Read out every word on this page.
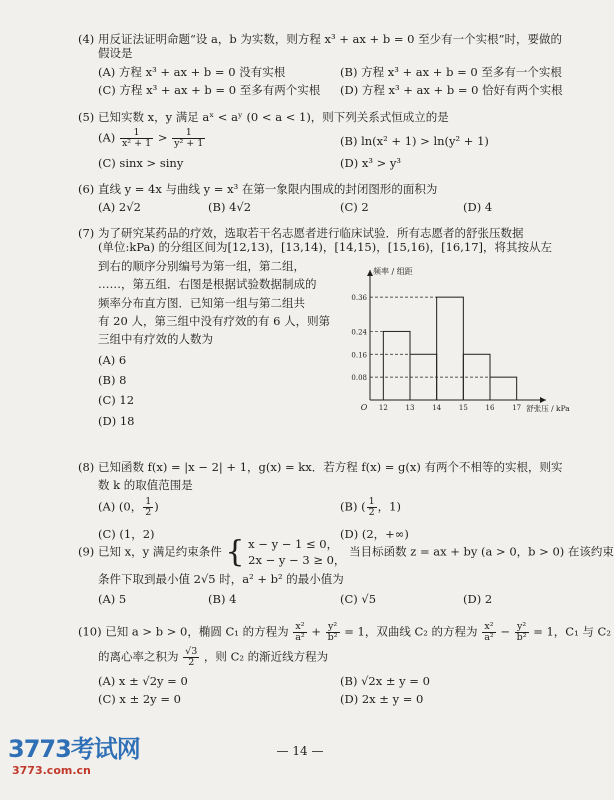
(4) 用反证法证明命题“设 a，b 为实数，则方程 x³ + ax + b = 0 至少有一个实根”时，要做的
假设是
(A) 方程 x³ + ax + b = 0 没有实根	(B) 方程 x³ + ax + b = 0 至多有一个实根
(C) 方程 x³ + ax + b = 0 至多有两个实根 (D) 方程 x³ + ax + b = 0 恰好有两个实根
(5) 已知实数 x，y 满足 aˣ < aʸ (0 < a < 1)，则下列关系式恒成立的是
$(A) \frac{1}{\text{x² + 1}} > \frac{1}{\text{y² + 1}}$	(B) ln(x² + 1) > ln(y² + 1)
(C) sinx > siny	(D) x³ > y³
(6) 直线 y = 4x 与曲线 y = x³ 在第一象限内围成的封闭图形的面积为
(A) 2√2	(B) 4√2	(C) 2	(D) 4
(7) 为了研究某药品的疗效，选取若干名志愿者进行临床试验．所有志愿者的舒张压数据
(单位:kPa) 的分组区间为[12,13)，[13,14)，[14,15)，[15,16)，[16,17]，将其按从左
到右的顺序分别编号为第一组，第二组，
……，第五组．右图是根据试验数据制成的
频率分布直方图．已知第一组与第二组共
有 20 人，第三组中没有疗效的有 6 人，则第
三组中有疗效的人数为
(A) 6
(B) 8
(C) 12
(D) 18
0.08
0.16
0.24
0.36
12	13	14	15	16	17
O
频率 / 组距
舒张压 / kPa
(8) 已知函数 f(x) = |x − 2| + 1，g(x) = kx．若方程 f(x) = g(x) 有两个不相等的实根，则实
数 k 的取值范围是
(A) (0， $\frac{1}{2}$ )	(B) ( $\frac{1}{2}$ ，1)
(C) (1，2)	(D) (2，+∞)
(9) 已知 x，y 满足约束条件 { x − y − 1 ≤ 0，
2x − y − 3 ≥ 0，
当目标函数 z = ax + by (a > 0，b > 0) 在该约束
条件下取到最小值 2√5 时，a² + b² 的最小值为
(A) 5	(B) 4	(C) √5	(D) 2
(10) 已知 a > b > 0，椭圆 C₁ 的方程为 $\frac{\text{x²}}{\text{a²}} + \frac{\text{y²}}{\text{b²}} = 1$，双曲线 C₂ 的方程为 $\frac{\text{x²}}{\text{a²}} - \frac{\text{y²}}{\text{b²}} = 1$，C₁ 与 C₂
的离心率之积为 $\frac{√3}{2}$ ，则 C₂ 的渐近线方程为
(A) x ± √2y = 0	(B) √2x ± y = 0
(C) x ± 2y = 0	(D) 2x ± y = 0
— 14 —
3773考试网
3773.com.cn
